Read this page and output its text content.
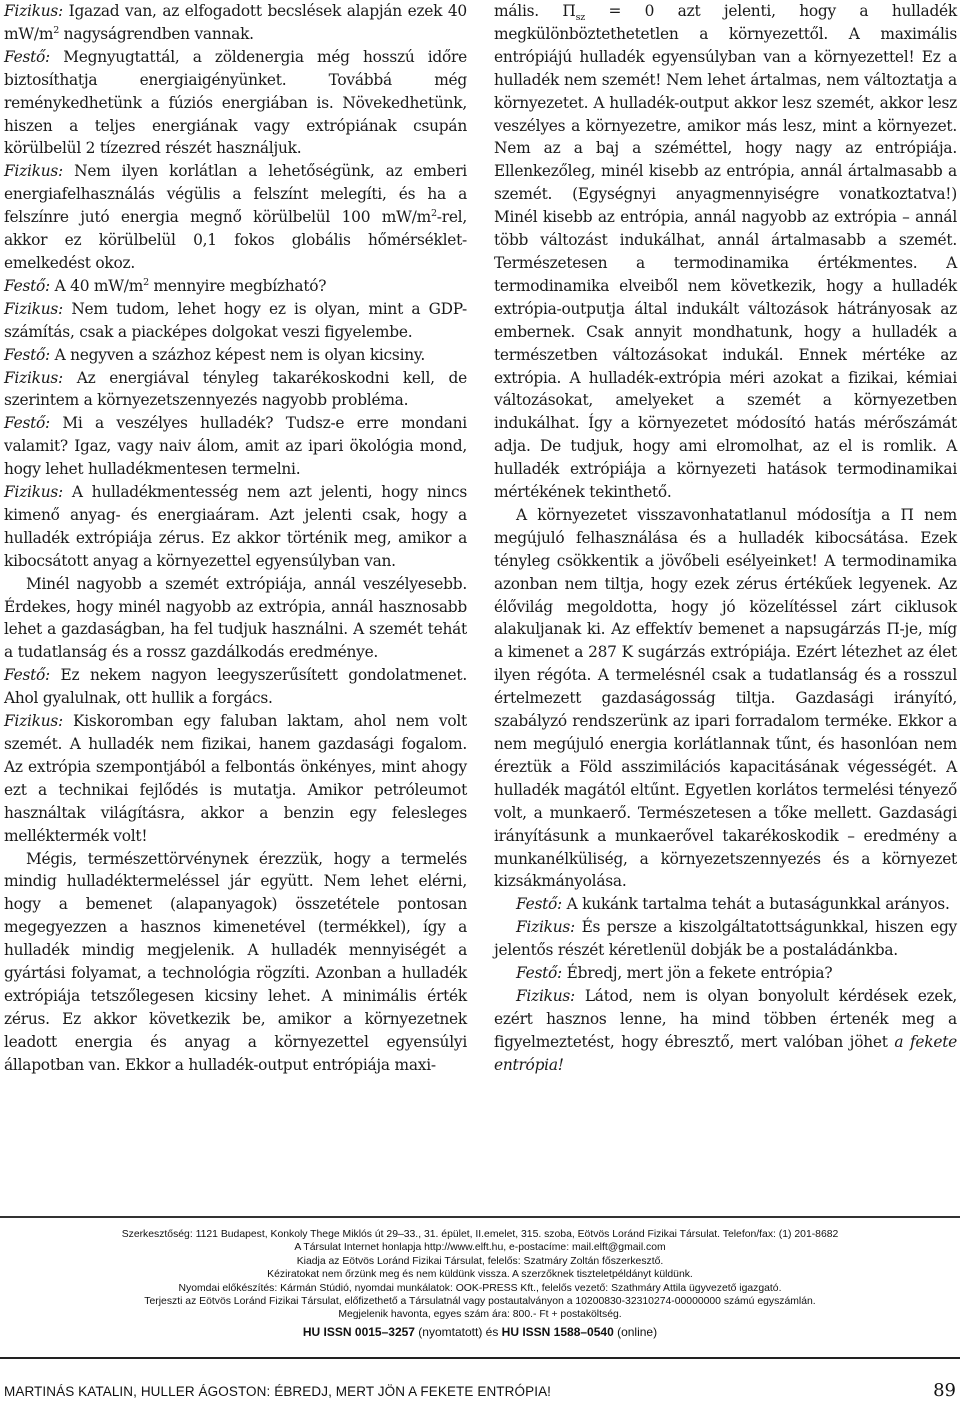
Fizikus: Igazad van, az elfogadott becslések alapján ezek 40 $mW/m^2$ nagyságrendben vannak.

Festő: Megnyugtattál, a zöldenergia még hosszú időre biztosíthatja energiaigényünket. Továbbá még reménykedhetünk a fúziós energiában is. Növekedhetünk, hiszen a teljes energiának vagy extrópiának csupán körülbelül 2 tízezred részét használjuk.

Fizikus: Nem ilyen korlátlan a lehetőségünk, az emberi energiafelhasználás végülis a felszínt melegíti, és ha a felszínre jutó energia megnő körülbelül 100 $mW/m^2$-rel, akkor ez körülbelül 0,1 fokos globális hőmérséklet-emelkedést okoz.

Festő: A 40 $mW/m^2$ mennyire megbízható?

Fizikus: Nem tudom, lehet hogy ez is olyan, mint a GDP-számítás, csak a piacképes dolgokat veszi figyelembe.

Festő: A negyven a százhoz képest nem is olyan kicsiny.

Fizikus: Az energiával tényleg takarékoskodni kell, de szerintem a környezetszennyezés nagyobb probléma.

Festő: Mi a veszélyes hulladék? Tudsz-e erre mondani valamit? Igaz, vagy naiv álom, amit az ipari ökológia mond, hogy lehet hulladékmentesen termelni.

Fizikus: A hulladékmentesség nem azt jelenti, hogy nincs kimenő anyag- és energiaáram. Azt jelenti csak, hogy a hulladék extrópiája zérus. Ez akkor történik meg, amikor a kibocsátott anyag a környezettel egyensúlyban van.

Minél nagyobb a szemét extrópiája, annál veszélyesebb. Érdekes, hogy minél nagyobb az extrópia, annál hasznosabb lehet a gazdaságban, ha fel tudjuk használni. A szemét tehát a tudatlanság és a rossz gazdálkodás eredménye.

Festő: Ez nekem nagyon leegyszerűsített gondolatmenet. Ahol gyalulnak, ott hullik a forgács.

Fizikus: Kiskoromban egy faluban laktam, ahol nem volt szemét. A hulladék nem fizikai, hanem gazdasági fogalom. Az extrópia szempontjából a felbontás önkényes, mint ahogy ezt a technikai fejlődés is mutatja. Amikor petróleumot használtak világításra, akkor a benzin egy felesleges melléktermék volt!

Mégis, természettörvénynek érezzük, hogy a termelés mindig hulladéktermeléssel jár együtt. Nem lehet elérni, hogy a bemenet (alapanyagok) összetétele pontosan megegyezzen a hasznos kimenetével (termékkel), így a hulladék mindig megjelenik. A hulladék mennyiségét a gyártási folyamat, a technológia rögzíti. Azonban a hulladék extrópiája tetszőlegesen kicsiny lehet. A minimális érték zérus. Ez akkor következik be, amikor a környezetnek leadott energia és anyag a környezettel egyensúlyi állapotban van. Ekkor a hulladék-output entrópiája maxi-

mális. $\Pi_{sz} = 0$ azt jelenti, hogy a hulladék megkülönböztethetetlen a környezettől. A maximális entrópiájú hulladék egyensúlyban van a környezettel! Ez a hulladék nem szemét! Nem lehet ártalmas, nem változtatja a környezetet. A hulladék-output akkor lesz szemét, akkor lesz veszélyes a környezetre, amikor más lesz, mint a környezet. Nem az a baj a széméttel, hogy nagy az entrópiája. Ellenkezőleg, minél kisebb az entrópia, annál ártalmasabb a szemét. (Egységnyi anyagmennyiségre vonatkoztatva!) Minél kisebb az entrópia, annál nagyobb az extrópia – annál több változást indukálhat, annál ártalmasabb a szemét. Természetesen a termodinamika értékmentes. A termodinamika elveiből nem következik, hogy a hulladék extrópia-outputja által indukált változások hátrányosak az embernek. Csak annyit mondhatunk, hogy a hulladék a természetben változásokat indukál. Ennek mértéke az extrópia. A hulladék-extrópia méri azokat a fizikai, kémiai változásokat, amelyeket a szemét a környezetben indukálhat. Így a környezetet módosító hatás mérőszámát adja. De tudjuk, hogy ami elromolhat, az el is romlik. A hulladék extrópiája a környezeti hatások termodinamikai mértékének tekinthető.

A környezetet visszavonhatatlanul módosítja a Π nem megújuló felhasználása és a hulladék kibocsátása. Ezek tényleg csökkentik a jövőbeli esélyeinket! A termodinamika azonban nem tiltja, hogy ezek zérus értékűek legyenek. Az élővilág megoldotta, hogy jó közelítéssel zárt ciklusok alakuljanak ki. Az effektív bemenet a napsugárzás Π-je, míg a kimenet a 287 K sugárzás extrópiája. Ezért létezhet az élet ilyen régóta. A termelésnél csak a tudatlanság és a rosszul értelmezett gazdaságosság tiltja. Gazdasági irányító, szabályzó rendszerünk az ipari forradalom terméke. Ekkor a nem megújuló energia korlátlannak tűnt, és hasonlóan nem éreztük a Föld asszimilációs kapacitásának végességét. A hulladék magától eltűnt. Egyetlen korlátos termelési tényező volt, a munkaerő. Természetesen a tőke mellett. Gazdasági irányításunk a munkaerővel takarékoskodik – eredmény a munkanélküliség, a környezetszennyezés és a környezet kizsákmányolása.

Festő: A kukánk tartalma tehát a butaságunkkal arányos.

Fizikus: És persze a kiszolgáltatottságunkkal, hiszen egy jelentős részét kéretlenül dobják be a postaládánkba.

Festő: Ébredj, mert jön a fekete entrópia?

Fizikus: Látod, nem is olyan bonyolult kérdések ezek, ezért hasznos lenne, ha mind többen értenék meg a figyelmeztetést, hogy ébresztő, mert valóban jöhet a fekete entrópia!

Szerkesztőség: 1121 Budapest, Konkoly Thege Miklós út 29–33., 31. épület, II.emelet, 315. szoba, Eötvös Loránd Fizikai Társulat. Telefon/fax: (1) 201-8682
A Társulat Internet honlapja http://www.elft.hu, e-postacíme: mail.elft@gmail.com
Kiadja az Eötvös Loránd Fizikai Társulat, felelős: Szatmáry Zoltán főszerkesztő.
Kéziratokat nem őrzünk meg és nem küldünk vissza. A szerzőknek tiszteletpéldányt küldünk.
Nyomdai előkészítés: Kármán Stúdió, nyomdai munkálatok: OOK-PRESS Kft., felelős vezető: Szathmáry Attila ügyvezető igazgató.
Terjeszti az Eötvös Loránd Fizikai Társulat, előfizethető a Társulatnál vagy postautalványon a 10200830-32310274-00000000 számú egyszámlán.
Megjelenik havonta, egyes szám ára: 800.- Ft + postaköltség.
HU ISSN 0015–3257 (nyomtatott) és HU ISSN 1588–0540 (online)
MARTINÁS KATALIN, HULLER ÁGOSTON: ÉBREDJ, MERT JÖN A FEKETE ENTRÓPIA!	89
